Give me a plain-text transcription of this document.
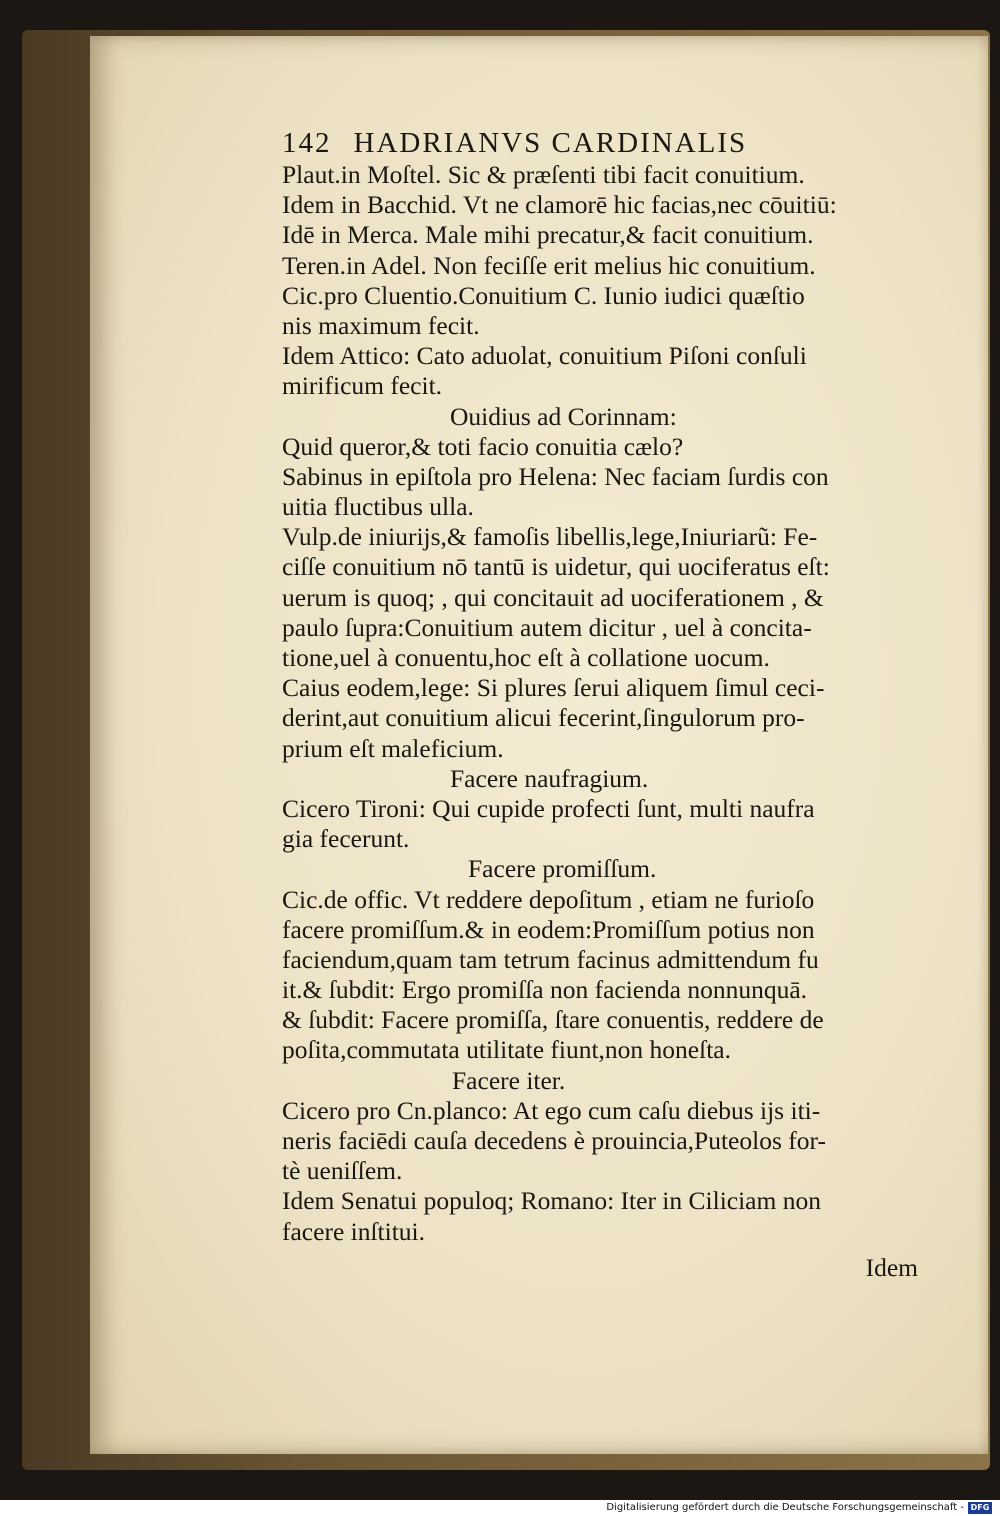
142 HADRIANVS CARDINALIS
Plaut.in Moſtel. Sic & præſenti tibi facit conuitium.
Idem in Bacchid. Vt ne clamorē hic facias,nec cōuitiū:
Idē in Merca. Male mihi precatur,& facit conuitium.
Teren.in Adel. Non feciſſe erit melius hic conuitium.
Cic.pro Cluentio.Conuitium C. Iunio iudici quæſtio
nis maximum fecit.
Idem Attico: Cato aduolat, conuitium Piſoni conſuli
mirificum fecit.
Ouidius ad Corinnam:
Quid queror,& toti facio conuitia cælo?
Sabinus in epiſtola pro Helena: Nec faciam ſurdis con
uitia fluctibus ulla.
Vulp.de iniurijs,& famoſis libellis,lege,Iniuriarũ: Fe-
ciſſe conuitium nō tantū is uidetur, qui uociferatus eſt:
uerum is quoq; , qui concitauit ad uociferationem , &
paulo ſupra:Conuitium autem dicitur , uel à concita-
tione,uel à conuentu,hoc eſt à collatione uocum.
Caius eodem,lege: Si plures ſerui aliquem ſimul ceci-
derint,aut conuitium alicui fecerint,ſingulorum pro-
prium eſt maleficium.
Facere naufragium.
Cicero Tironi: Qui cupide profecti ſunt, multi naufra
gia fecerunt.
Facere promiſſum.
Cic.de offic. Vt reddere depoſitum , etiam ne furioſo
facere promiſſum.& in eodem:Promiſſum potius non
faciendum,quam tam tetrum facinus admittendum fu
it.& ſubdit: Ergo promiſſa non facienda nonnunquā.
& ſubdit: Facere promiſſa, ſtare conuentis, reddere de
poſita,commutata utilitate fiunt,non honeſta.
Facere iter.
Cicero pro Cn.planco: At ego cum caſu diebus ijs iti-
neris faciēdi cauſa decedens è prouincia,Puteolos for-
tè ueniſſem.
Idem Senatui populoq; Romano: Iter in Ciliciam non
facere inſtitui.
Idem
Digitalisierung gefördert durch die Deutsche Forschungsgemeinschaft - DFG
